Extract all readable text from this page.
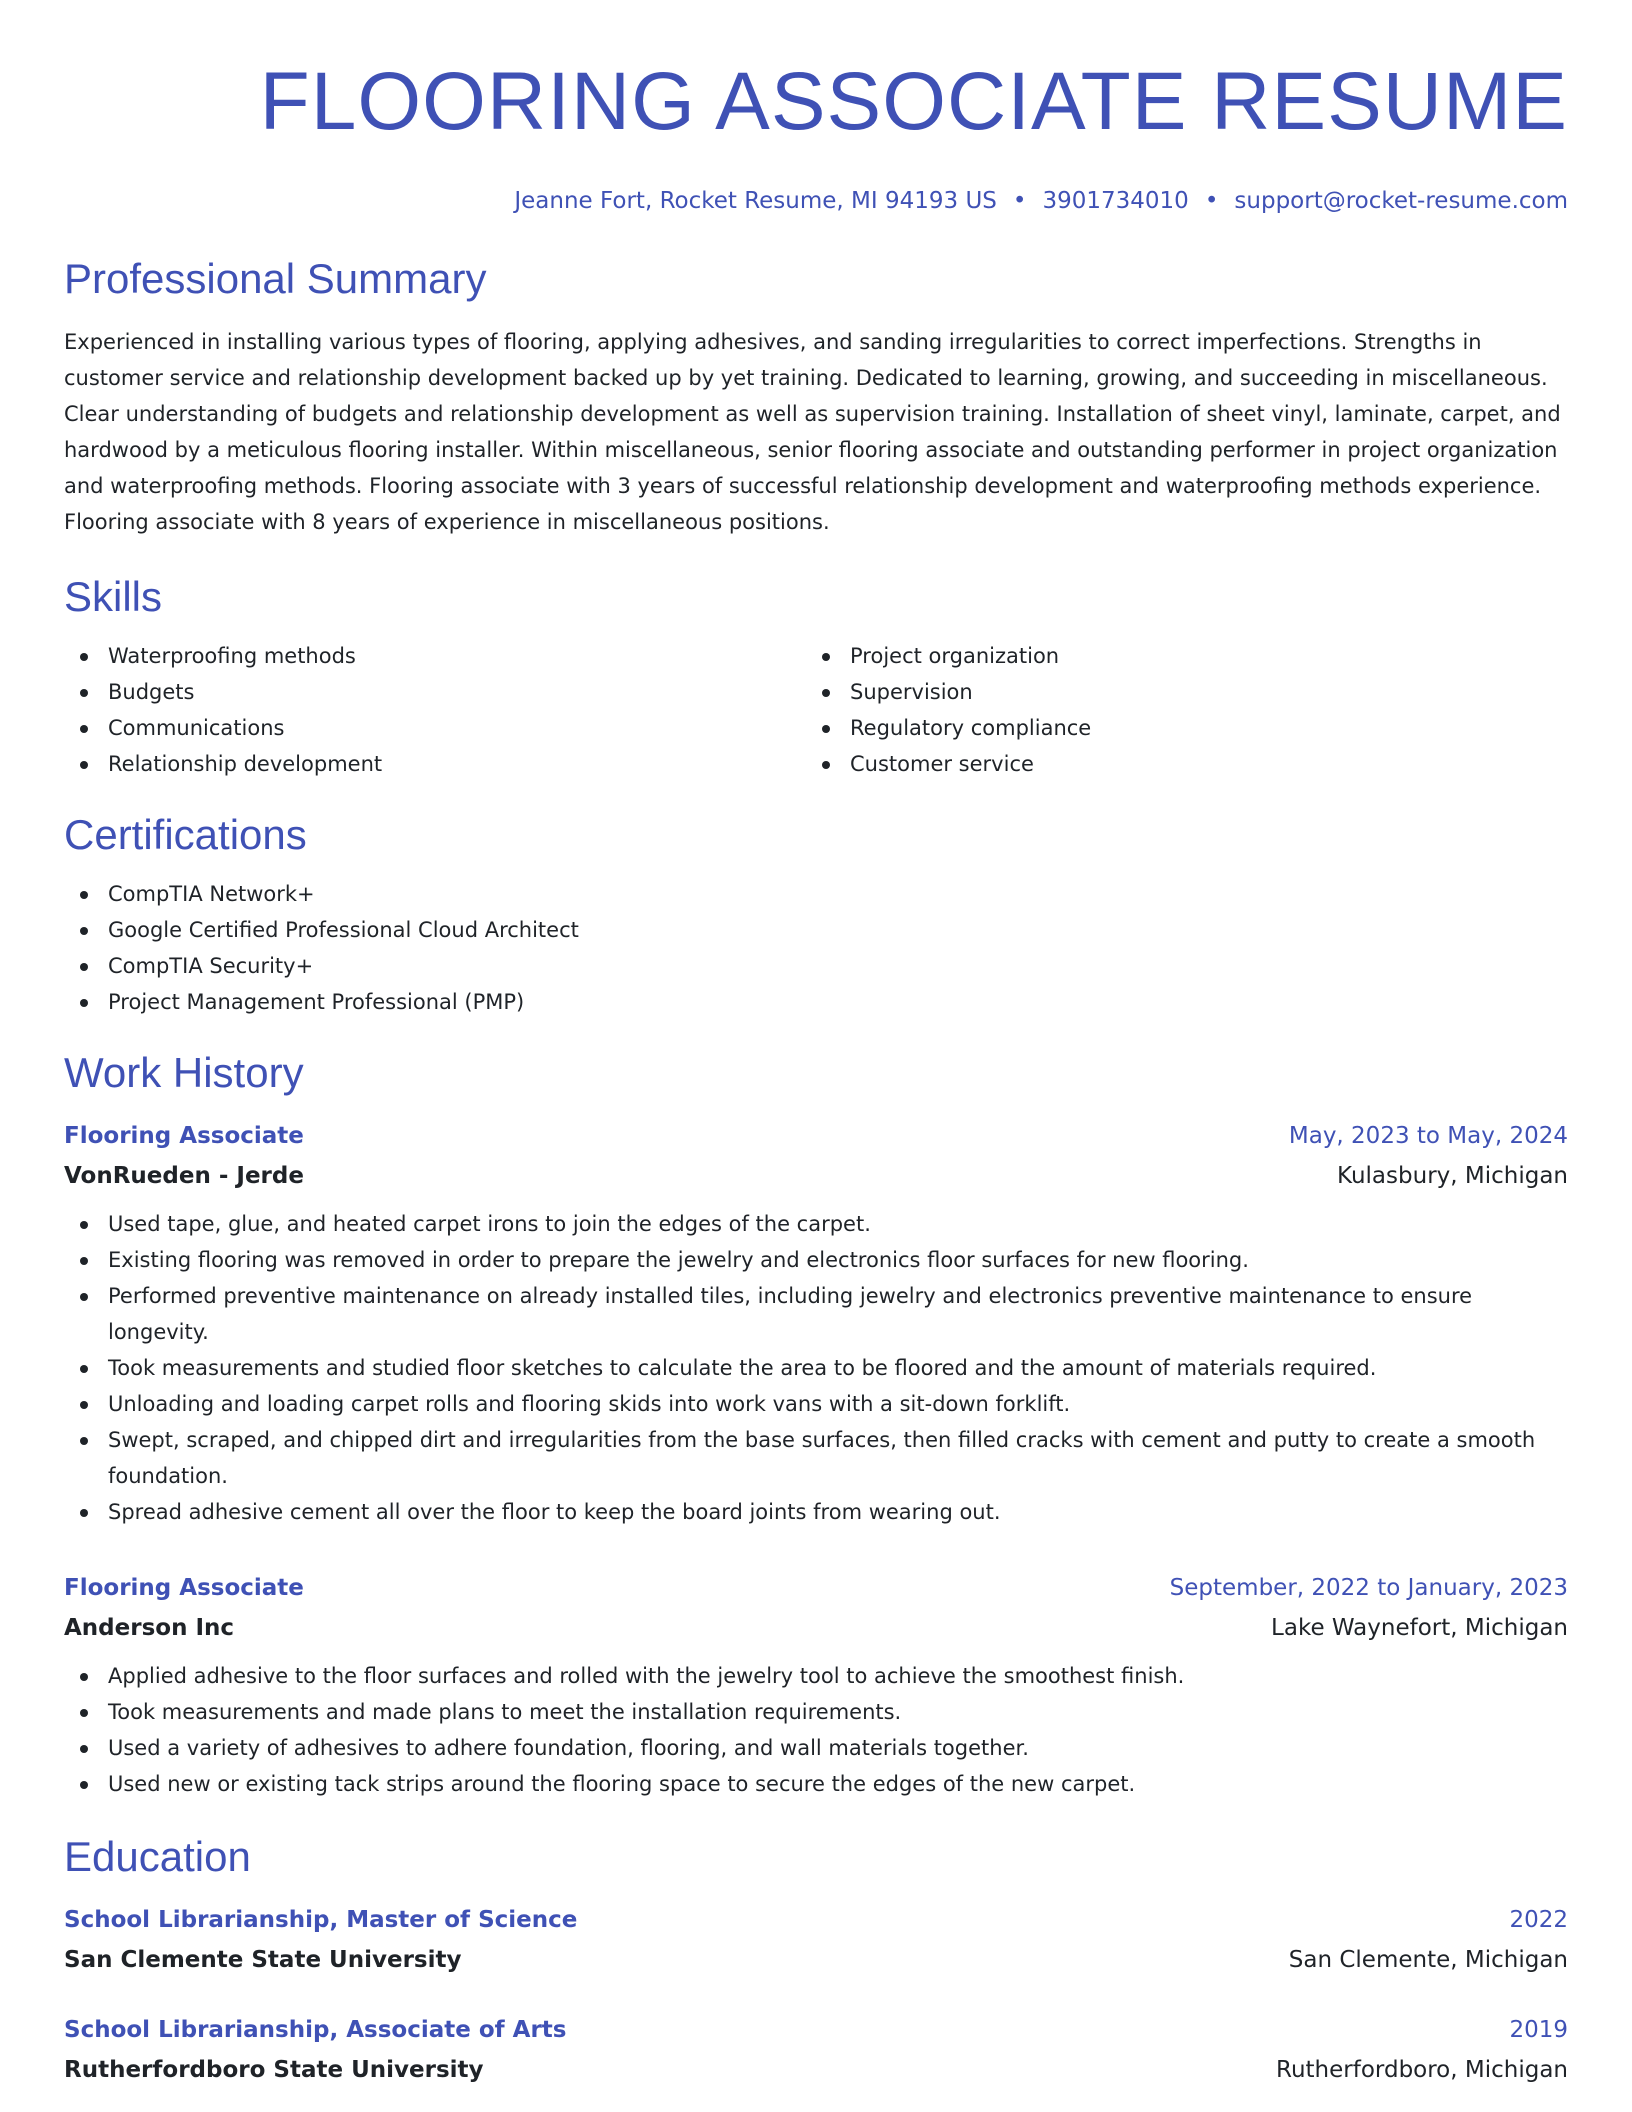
FLOORING ASSOCIATE RESUME
Jeanne Fort, Rocket Resume, MI 94193 US • 3901734010 • support@rocket-resume.com
Professional Summary

Experienced in installing various types of flooring, applying adhesives, and sanding irregularities to correct imperfections. Strengths in customer service and relationship development backed up by yet training. Dedicated to learning, growing, and succeeding in miscellaneous. Clear understanding of budgets and relationship development as well as supervision training. Installation of sheet vinyl, laminate, carpet, and hardwood by a meticulous flooring installer. Within miscellaneous, senior flooring associate and outstanding performer in project organization and waterproofing methods. Flooring associate with 3 years of successful relationship development and waterproofing methods experience. Flooring associate with 8 years of experience in miscellaneous positions.

Skills
Waterproofing methods
Budgets
Communications
Relationship development
Project organization
Supervision
Regulatory compliance
Customer service
Certifications
CompTIA Network+
Google Certified Professional Cloud Architect
CompTIA Security+
Project Management Professional (PMP)
Work History
Flooring Associate	May, 2023 to May, 2024
VonRueden - Jerde	Kulasbury, Michigan
Used tape, glue, and heated carpet irons to join the edges of the carpet.
Existing flooring was removed in order to prepare the jewelry and electronics floor surfaces for new flooring.
Performed preventive maintenance on already installed tiles, including jewelry and electronics preventive maintenance to ensure longevity.
Took measurements and studied floor sketches to calculate the area to be floored and the amount of materials required.
Unloading and loading carpet rolls and flooring skids into work vans with a sit-down forklift.
Swept, scraped, and chipped dirt and irregularities from the base surfaces, then filled cracks with cement and putty to create a smooth foundation.
Spread adhesive cement all over the floor to keep the board joints from wearing out.
Flooring Associate	September, 2022 to January, 2023
Anderson Inc	Lake Waynefort, Michigan
Applied adhesive to the floor surfaces and rolled with the jewelry tool to achieve the smoothest finish.
Took measurements and made plans to meet the installation requirements.
Used a variety of adhesives to adhere foundation, flooring, and wall materials together.
Used new or existing tack strips around the flooring space to secure the edges of the new carpet.
Education
School Librarianship, Master of Science	2022
San Clemente State University	San Clemente, Michigan
School Librarianship, Associate of Arts	2019
Rutherfordboro State University	Rutherfordboro, Michigan
